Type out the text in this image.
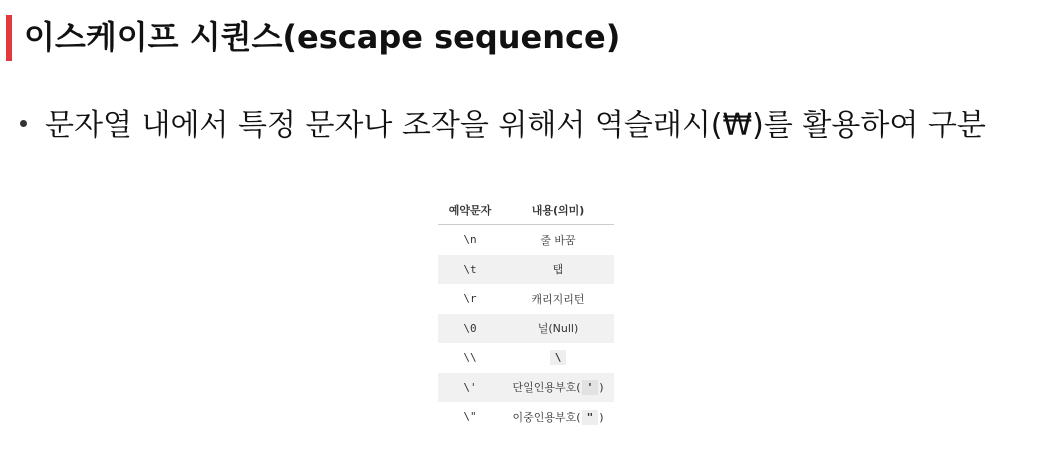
이스케이프 시퀀스(escape sequence)
문자열 내에서 특정 문자나 조작을 위해서 역슬래시(₩)를 활용하여 구분
예약문자	내용(의미)
\n	줄 바꿈
\t	탭
\r	캐리지리턴
\0	널(Null)
\\	\
\'	단일인용부호( ' )
\"	이중인용부호( " )
